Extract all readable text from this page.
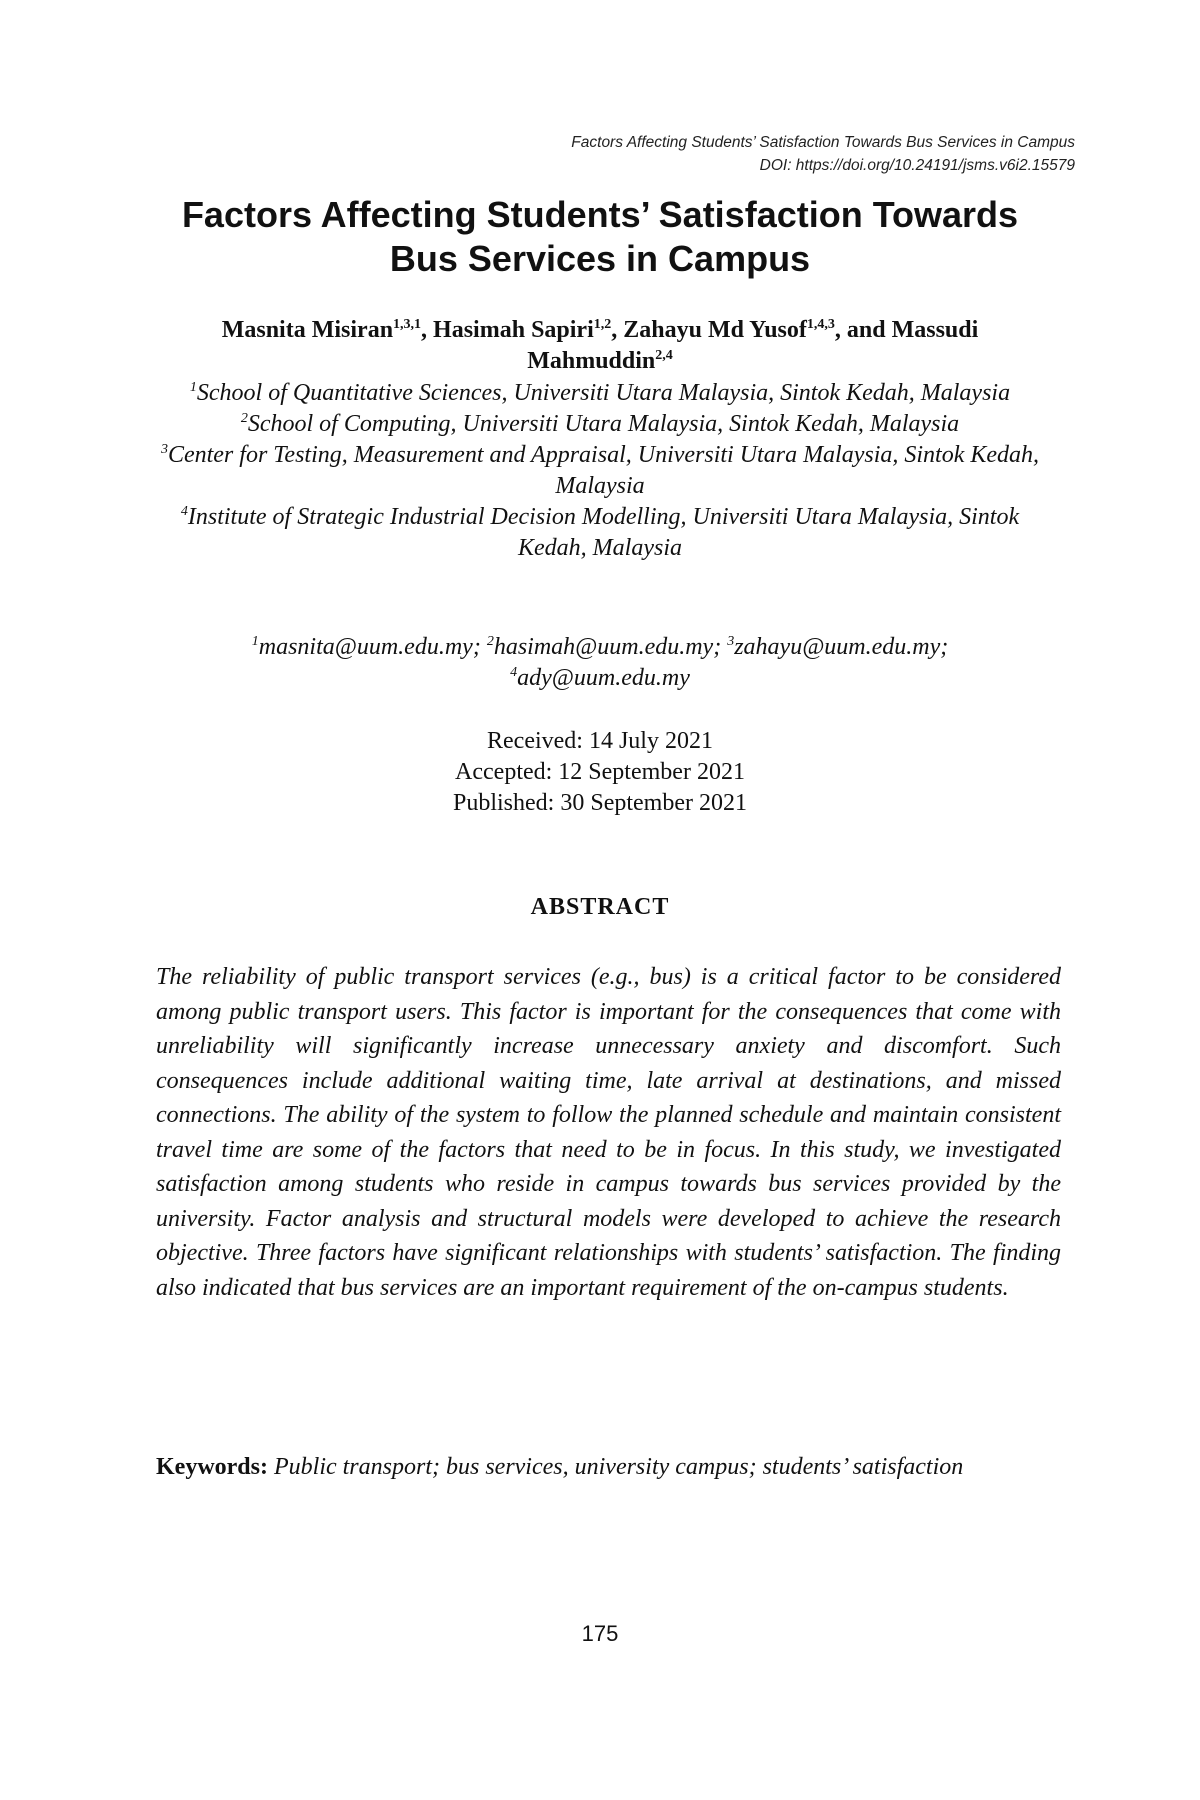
Factors Affecting Students’ Satisfaction Towards Bus Services in Campus
DOI: https://doi.org/10.24191/jsms.v6i2.15579
Factors Affecting Students’ Satisfaction Towards
Bus Services in Campus
Masnita Misiran$^{1,3,1}$, Hasimah Sapiri$^{1,2}$, Zahayu Md Yusof$^{1,4,3}$, and Massudi Mahmuddin$^{2,4}$
$^1$School of Quantitative Sciences, Universiti Utara Malaysia, Sintok Kedah, Malaysia
$^2$School of Computing, Universiti Utara Malaysia, Sintok Kedah, Malaysia
$^3$Center for Testing, Measurement and Appraisal, Universiti Utara Malaysia, Sintok Kedah, Malaysia
$^4$Institute of Strategic Industrial Decision Modelling, Universiti Utara Malaysia, Sintok Kedah, Malaysia
$^1$masnita@uum.edu.my; $^2$hasimah@uum.edu.my; $^3$zahayu@uum.edu.my;
$^4$ady@uum.edu.my
Received: 14 July 2021
Accepted: 12 September 2021
Published: 30 September 2021
ABSTRACT

The reliability of public transport services (e.g., bus) is a critical factor to be considered among public transport users. This factor is important for the consequences that come with unreliability will significantly increase unnecessary anxiety and discomfort. Such consequences include additional waiting time, late arrival at destinations, and missed connections. The ability of the system to follow the planned schedule and maintain consistent travel time are some of the factors that need to be in focus. In this study, we investigated satisfaction among students who reside in campus towards bus services provided by the university. Factor analysis and structural models were developed to achieve the research objective. Three factors have significant relationships with students’ satisfaction. The finding also indicated that bus services are an important requirement of the on-campus students.

Keywords: Public transport; bus services, university campus; students’ satisfaction

175
